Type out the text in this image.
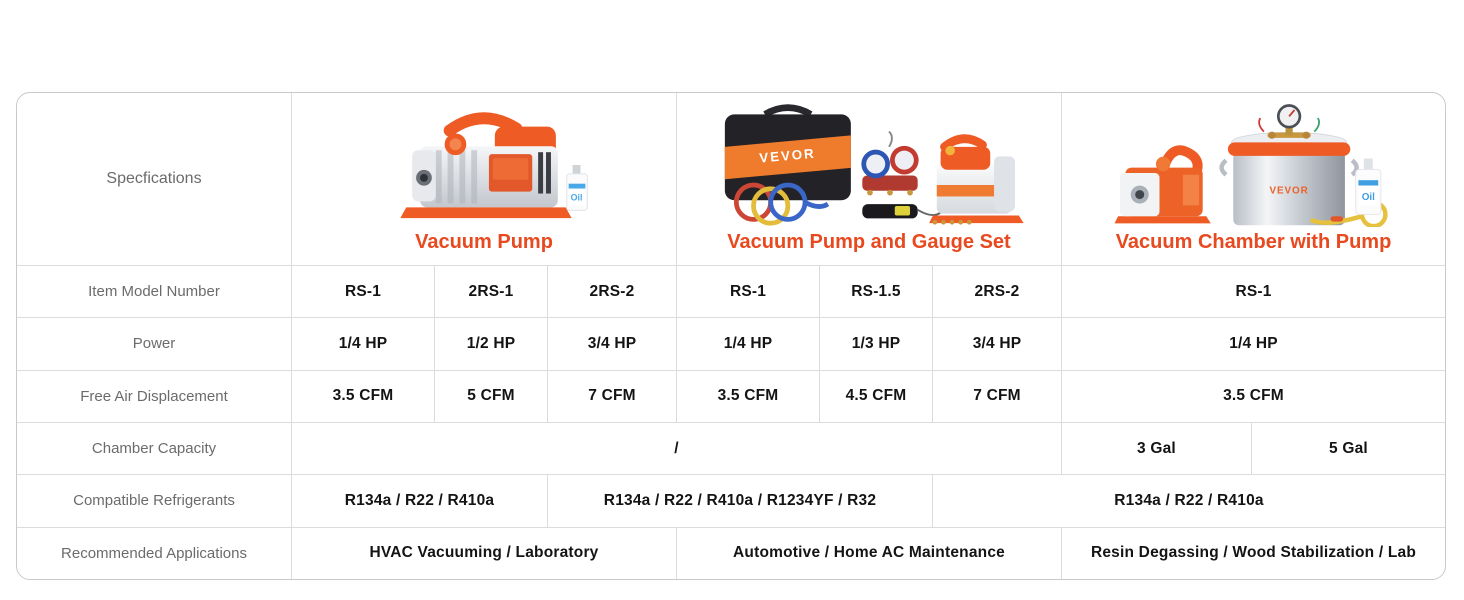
Specfications
Oil
Vacuum Pump
VEVOR
Vacuum Pump and Gauge Set
VEVOR
Oil
Vacuum Chamber with Pump
Item Model Number	RS-1	2RS-1	2RS-2	RS-1	RS-1.5	2RS-2	RS-1
Power	1/4 HP	1/2 HP	3/4 HP	1/4 HP	1/3 HP	3/4 HP	1/4 HP
Free Air Displacement	3.5 CFM	5 CFM	7 CFM	3.5 CFM	4.5 CFM	7 CFM	3.5 CFM
Chamber Capacity	/	3 Gal	5 Gal
Compatible Refrigerants	R134a / R22 / R410a	R134a / R22 / R410a / R1234YF / R32	R134a / R22 / R410a
Recommended Applications	HVAC Vacuuming / Laboratory	Automotive / Home AC Maintenance	Resin Degassing / Wood Stabilization / Lab
